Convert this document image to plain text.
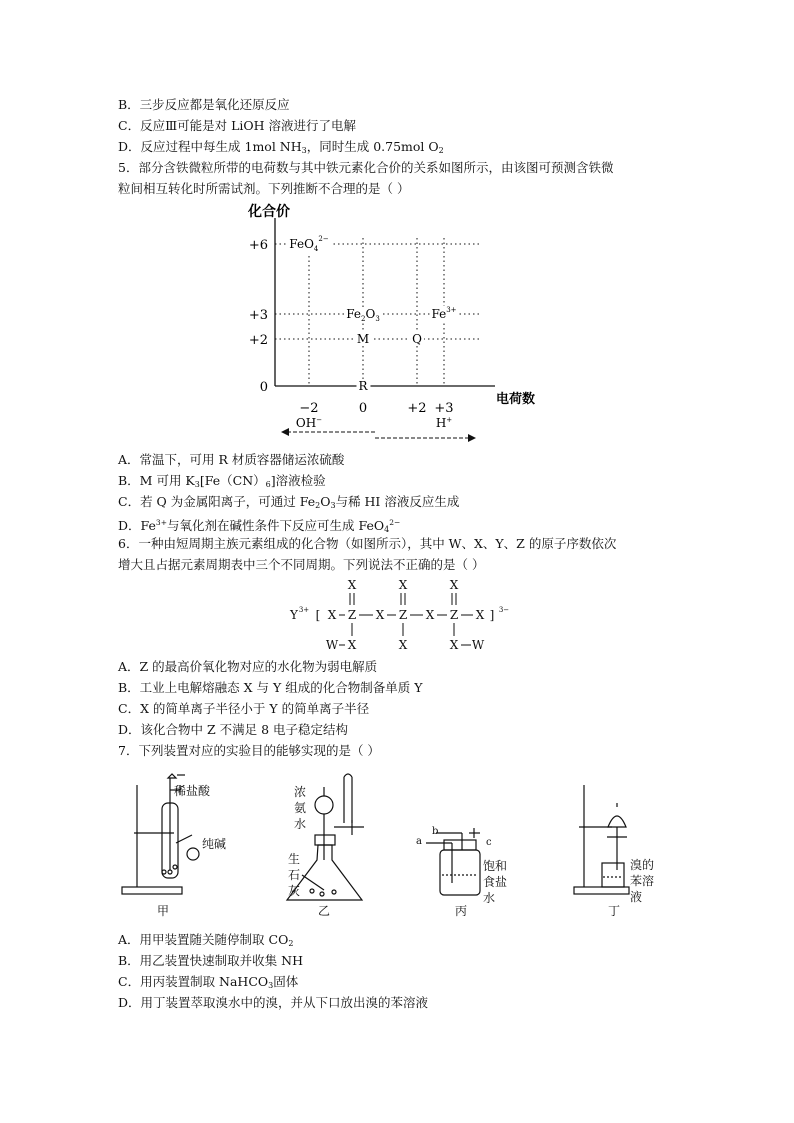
B．三步反应都是氧化还原反应
C．反应Ⅲ可能是对 LiOH 溶液进行了电解
D．反应过程中每生成 1mol $NH_3$，同时生成 0.75mol $O_2$
5．部分含铁微粒所带的电荷数与其中铁元素化合价的关系如图所示，由该图可预测含铁微
粒间相互转化时所需试剂。下列推断不合理的是（ ）
化合价
电荷数
+6
+3
+2
0
−2	0	+2 +3
FeO$_4^{2-}$
$Fe_2O_3$	$Fe^{3+}$
M	Q
R
OH−	H+
A．常温下，可用 R 材质容器储运浓硫酸
B．M 可用 $K_3[Fe(CN)_6]$溶液检验
C．若 Q 为金属阳离子，可通过 $Fe_2O_3$与稀 HI 溶液反应生成
D．$Fe^{3+}$与氧化剂在碱性条件下反应可生成 FeO$_4^{2-}$
6．一种由短周期主族元素组成的化合物（如图所示），其中 W、X、Y、Z 的原子序数依次
增大且占据元素周期表中三个不同周期。下列说法不正确的是（ ）
Y 3+ [ X Z X Z X Z X ] 3−
X	X	X
W X	X	X W
A．Z 的最高价氧化物对应的水化物为弱电解质
B．工业上电解熔融态 X 与 Y 组成的化合物制备单质 Y
C．X 的简单离子半径小于 Y 的简单离子半径
D．该化合物中 Z 不满足 8 电子稳定结构
7．下列装置对应的实验目的能够实现的是（ ）
稀盐酸
纯碱
甲
浓氨水
生石灰
乙
a
b
c
饱和食盐水
丙
溴的苯溶液
丁
A．用甲装置随关随停制取 $CO_2$
B．用乙装置快速制取并收集 NH
C．用丙装置制取 NaHCO$_3$固体
D．用丁装置萃取溴水中的溴，并从下口放出溴的苯溶液
